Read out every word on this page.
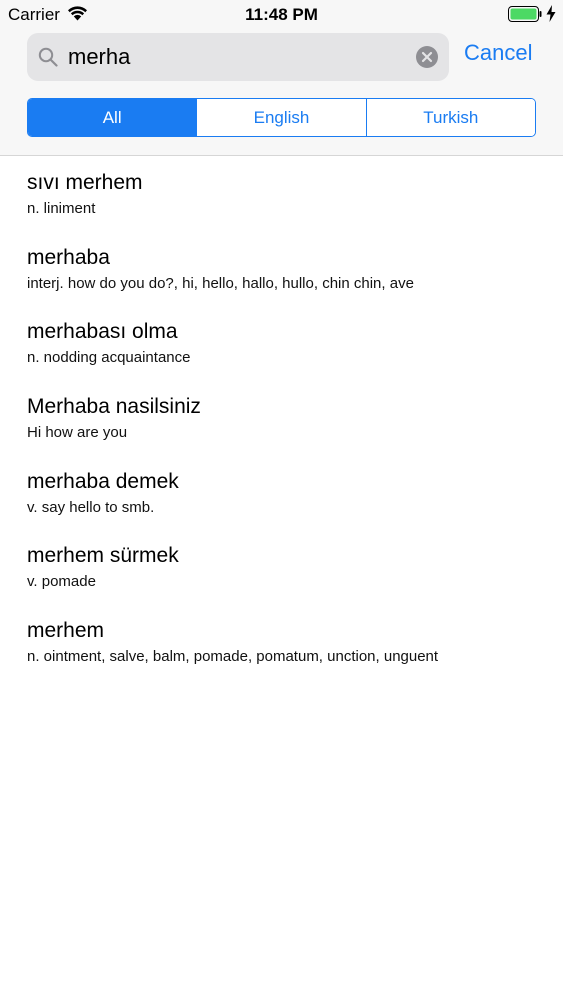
Carrier	11:48 PM
merha
Cancel
All	English	Turkish
sıvı merhem
n. liniment
merhaba
interj. how do you do?, hi, hello, hallo, hullo, chin chin, ave
merhabası olma
n. nodding acquaintance
Merhaba nasilsiniz
Hi how are you
merhaba demek
v. say hello to smb.
merhem sürmek
v. pomade
merhem
n. ointment, salve, balm, pomade, pomatum, unction, unguent
